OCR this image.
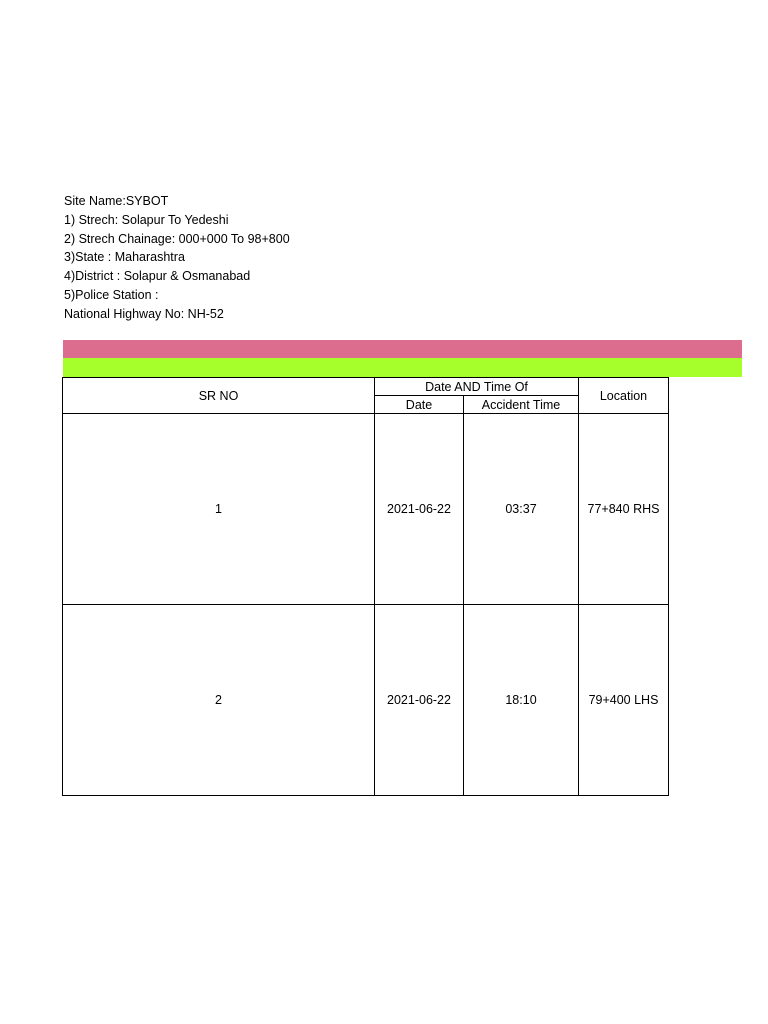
Site Name:SYBOT
1) Strech: Solapur To Yedeshi
2) Strech Chainage: 000+000 To 98+800
3)State : Maharashtra
4)District : Solapur & Osmanabad
5)Police Station :
National Highway No: NH-52
SR NO	Date AND Time Of		Location
	Date	Accident Time	
1	2021-06-22	03:37	77+840 RHS
2	2021-06-22	18:10	79+400 LHS
